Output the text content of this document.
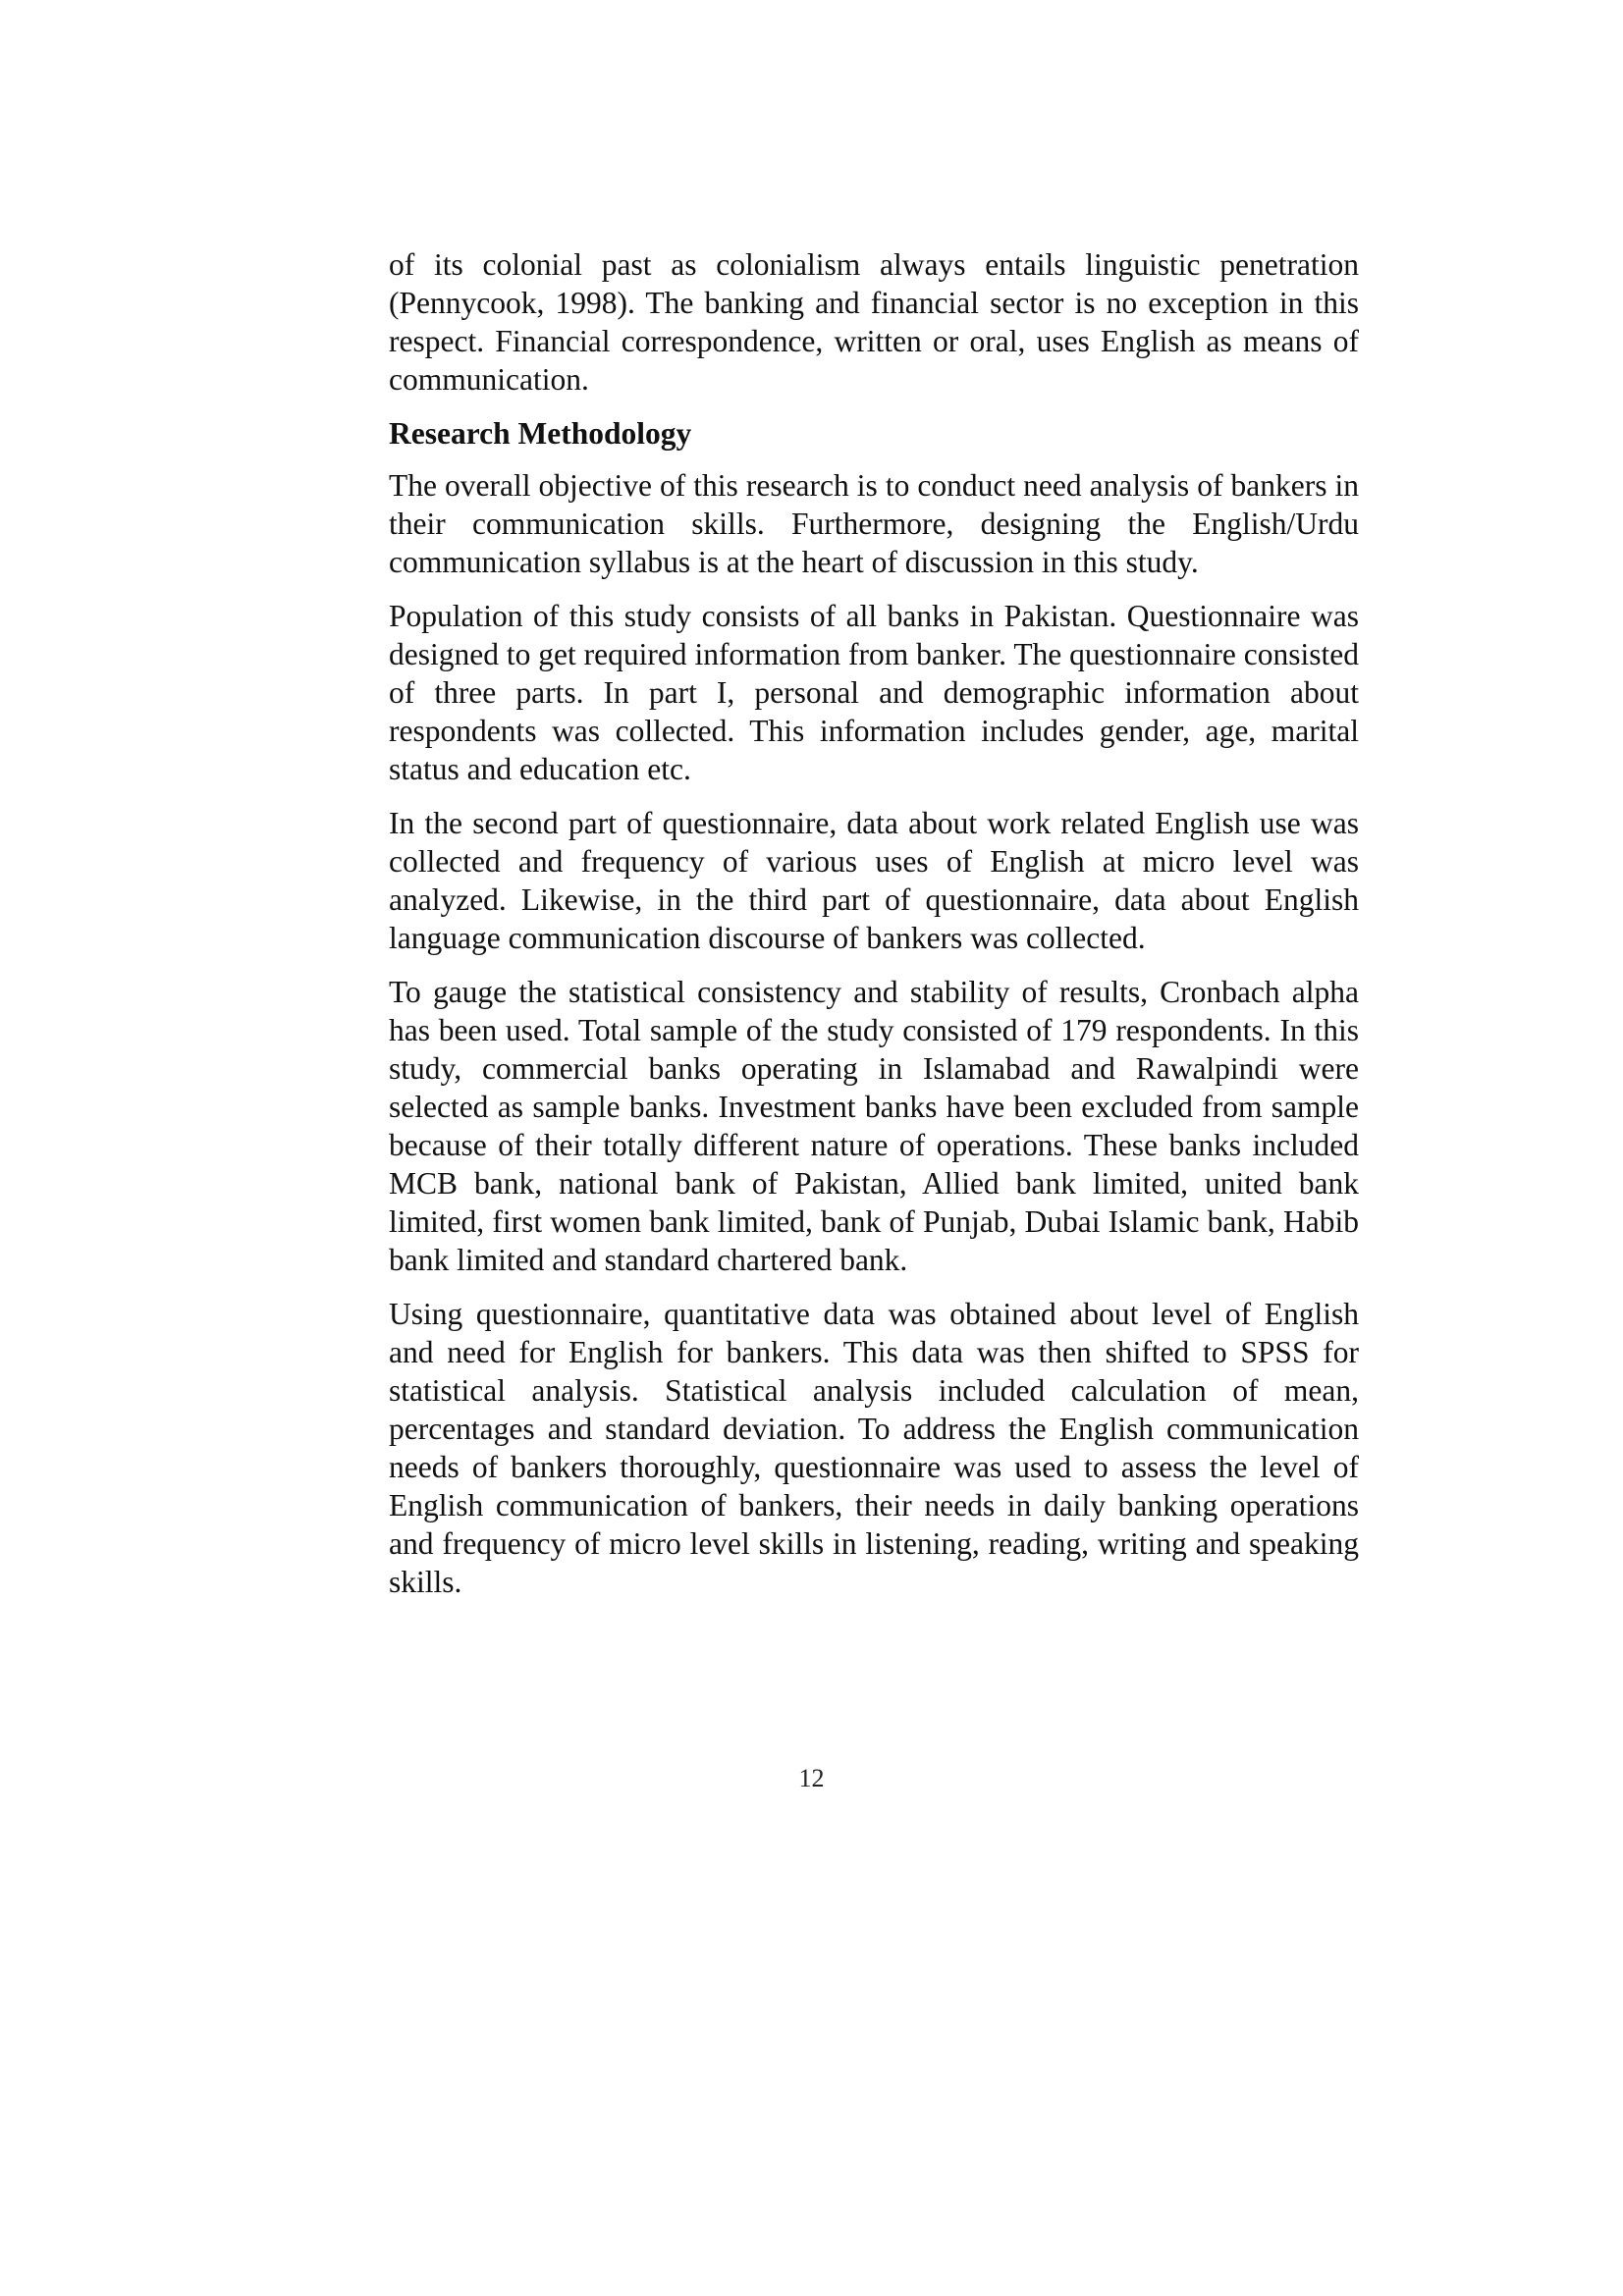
of its colonial past as colonialism always entails linguistic penetration (Pennycook, 1998). The banking and financial sector is no exception in this respect. Financial correspondence, written or oral, uses English as means of communication.

Research Methodology

The overall objective of this research is to conduct need analysis of bankers in their communication skills. Furthermore, designing the English/Urdu communication syllabus is at the heart of discussion in this study.

Population of this study consists of all banks in Pakistan. Questionnaire was designed to get required information from banker. The questionnaire consisted of three parts. In part I, personal and demographic information about respondents was collected. This information includes gender, age, marital status and education etc.

In the second part of questionnaire, data about work related English use was collected and frequency of various uses of English at micro level was analyzed. Likewise, in the third part of questionnaire, data about English language communication discourse of bankers was collected.

To gauge the statistical consistency and stability of results, Cronbach alpha has been used. Total sample of the study consisted of 179 respondents. In this study, commercial banks operating in Islamabad and Rawalpindi were selected as sample banks. Investment banks have been excluded from sample because of their totally different nature of operations. These banks included MCB bank, national bank of Pakistan, Allied bank limited, united bank limited, first women bank limited, bank of Punjab, Dubai Islamic bank, Habib bank limited and standard chartered bank.

Using questionnaire, quantitative data was obtained about level of English and need for English for bankers. This data was then shifted to SPSS for statistical analysis. Statistical analysis included calculation of mean, percentages and standard deviation. To address the English communication needs of bankers thoroughly, questionnaire was used to assess the level of English communication of bankers, their needs in daily banking operations and frequency of micro level skills in listening, reading, writing and speaking skills.

12
